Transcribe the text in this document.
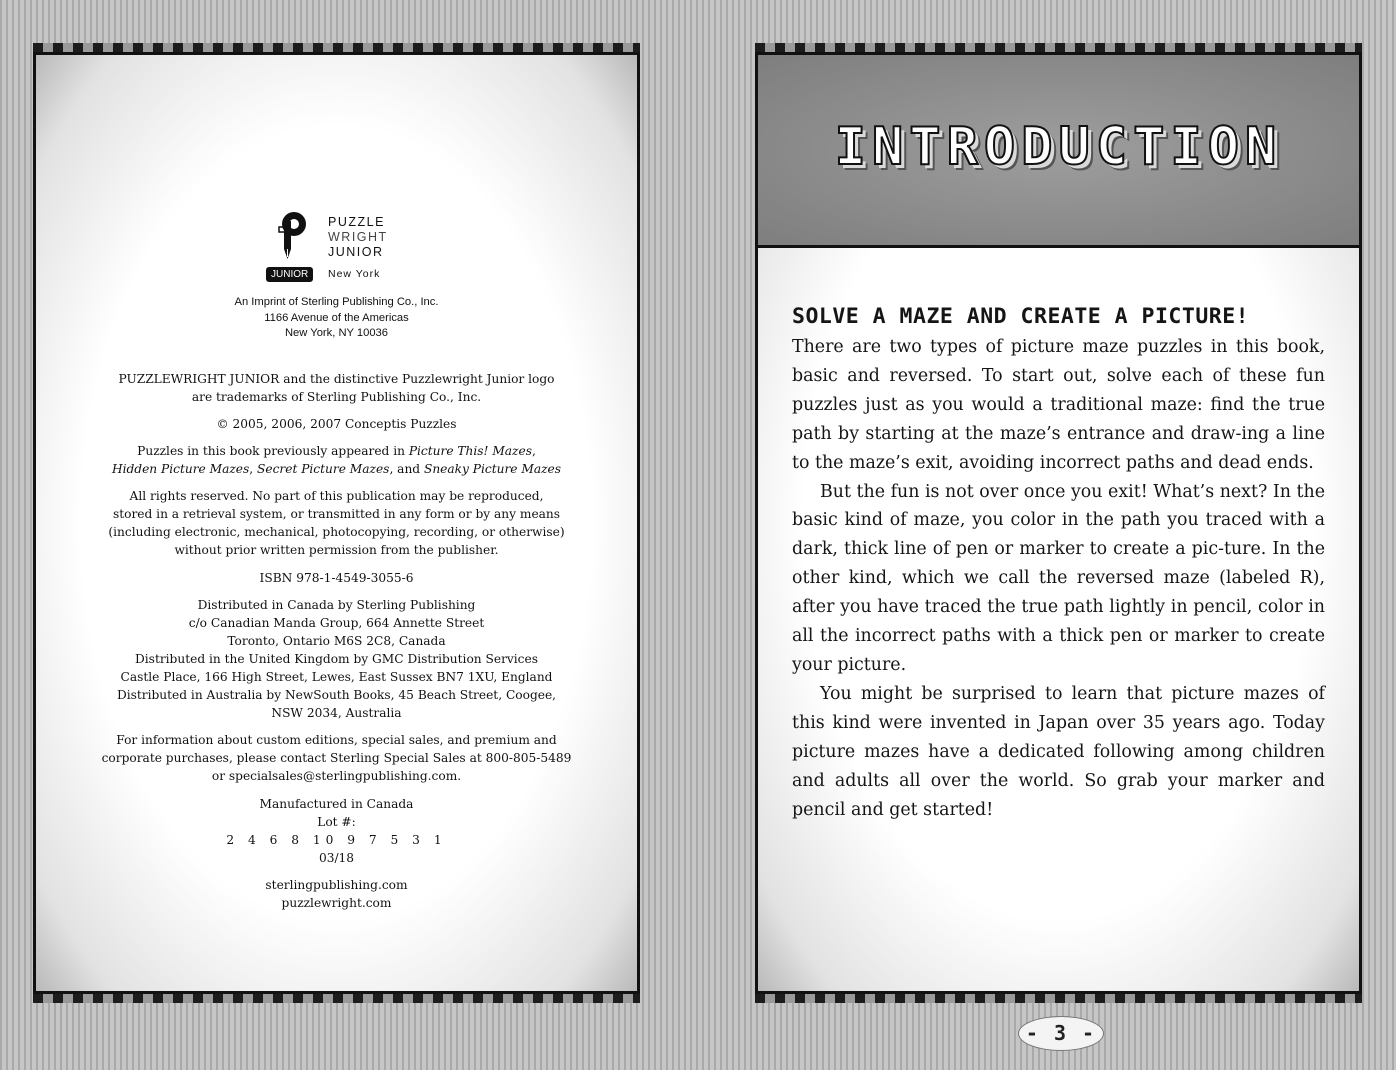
PUZZLE
WRIGHT
JUNIOR
JUNIOR	New York
An Imprint of Sterling Publishing Co., Inc.
1166 Avenue of the Americas
New York, NY 10036
PUZZLEWRIGHT JUNIOR and the distinctive Puzzlewright Junior logo
are trademarks of Sterling Publishing Co., Inc.
© 2005, 2006, 2007 Conceptis Puzzles
Puzzles in this book previously appeared in Picture This! Mazes,
Hidden Picture Mazes, Secret Picture Mazes, and Sneaky Picture Mazes
All rights reserved. No part of this publication may be reproduced,
stored in a retrieval system, or transmitted in any form or by any means
(including electronic, mechanical, photocopying, recording, or otherwise)
without prior written permission from the publisher.
ISBN 978-1-4549-3055-6
Distributed in Canada by Sterling Publishing
c/o Canadian Manda Group, 664 Annette Street
Toronto, Ontario M6S 2C8, Canada
Distributed in the United Kingdom by GMC Distribution Services
Castle Place, 166 High Street, Lewes, East Sussex BN7 1XU, England
Distributed in Australia by NewSouth Books, 45 Beach Street, Coogee,
NSW 2034, Australia
For information about custom editions, special sales, and premium and
corporate purchases, please contact Sterling Special Sales at 800-805-5489
or specialsales@sterlingpublishing.com.
Manufactured in Canada
Lot #:
2 4 6 8 10 9 7 5 3 1
03/18
sterlingpublishing.com
puzzlewright.com
INTRODUCTION
SOLVE A MAZE AND CREATE A PICTURE!

There are two types of picture maze puzzles in this book, basic and reversed. To start out, solve each of these fun puzzles just as you would a traditional maze: find the true path by starting at the maze’s entrance and draw-ing a line to the maze’s exit, avoiding incorrect paths and dead ends.

But the fun is not over once you exit! What’s next? In the basic kind of maze, you color in the path you traced with a dark, thick line of pen or marker to create a pic-ture. In the other kind, which we call the reversed maze (labeled R), after you have traced the true path lightly in pencil, color in all the incorrect paths with a thick pen or marker to create your picture.

You might be surprised to learn that picture mazes of this kind were invented in Japan over 35 years ago. Today picture mazes have a dedicated following among children and adults all over the world. So grab your marker and pencil and get started!

- 3 -
